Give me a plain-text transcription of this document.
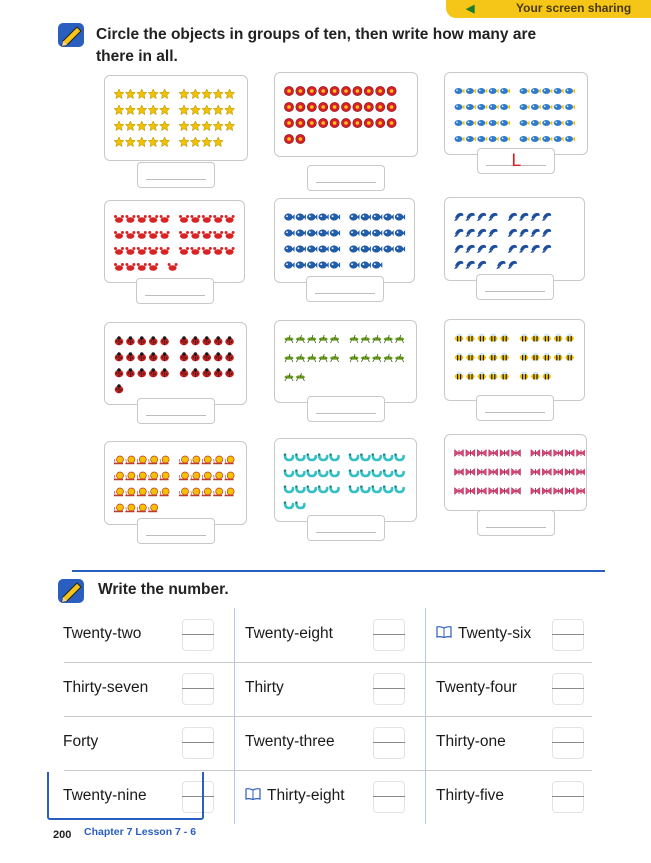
◀	Your screen sharing
Circle the objects in groups of ten, then write how many are there in all.
Write the number.
Twenty-two	Twenty-eight	Twenty-six
Thirty-seven	Thirty	Twenty-four
Forty	Twenty-three	Thirty-one
Twenty-nine	Thirty-eight	Thirty-five
200 Chapter 7 Lesson 7 - 6
L
